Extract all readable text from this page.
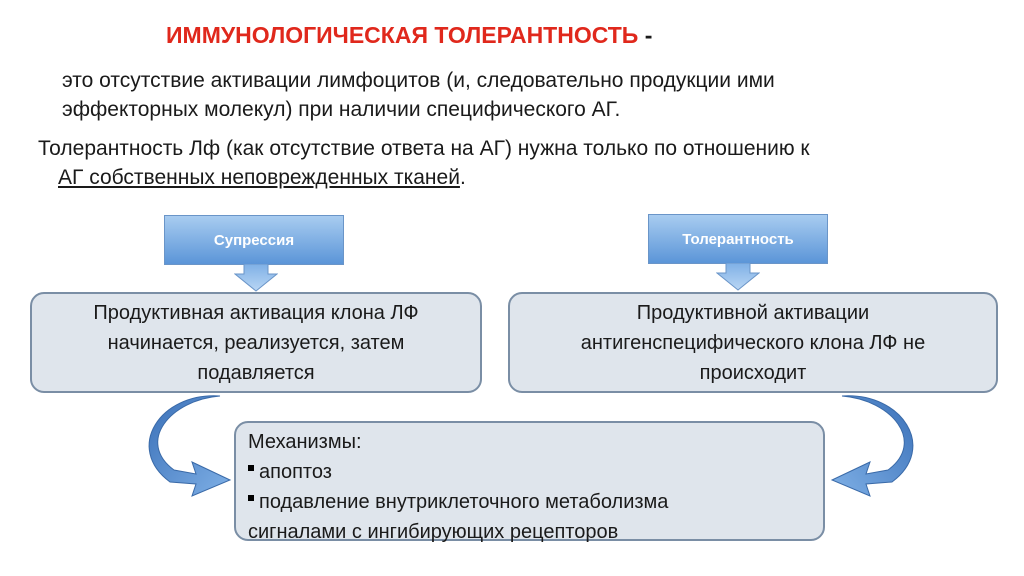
ИММУНОЛОГИЧЕСКАЯ ТОЛЕРАНТНОСТЬ -
это отсутствие активации лимфоцитов (и, следовательно продукции ими
эффекторных молекул) при наличии специфического АГ.
Толерантность Лф (как отсутствие ответа на АГ) нужна только по отношению к
АГ собственных неповрежденных тканей.
Супрессия	Толерантность
Продуктивная активация клона ЛФ
начинается, реализуется, затем
подавляется
Продуктивной активации
антигенспецифического клона ЛФ не
происходит
Механизмы:
апоптоз
подавление внутриклеточного метаболизма
сигналами с ингибирующих рецепторов
